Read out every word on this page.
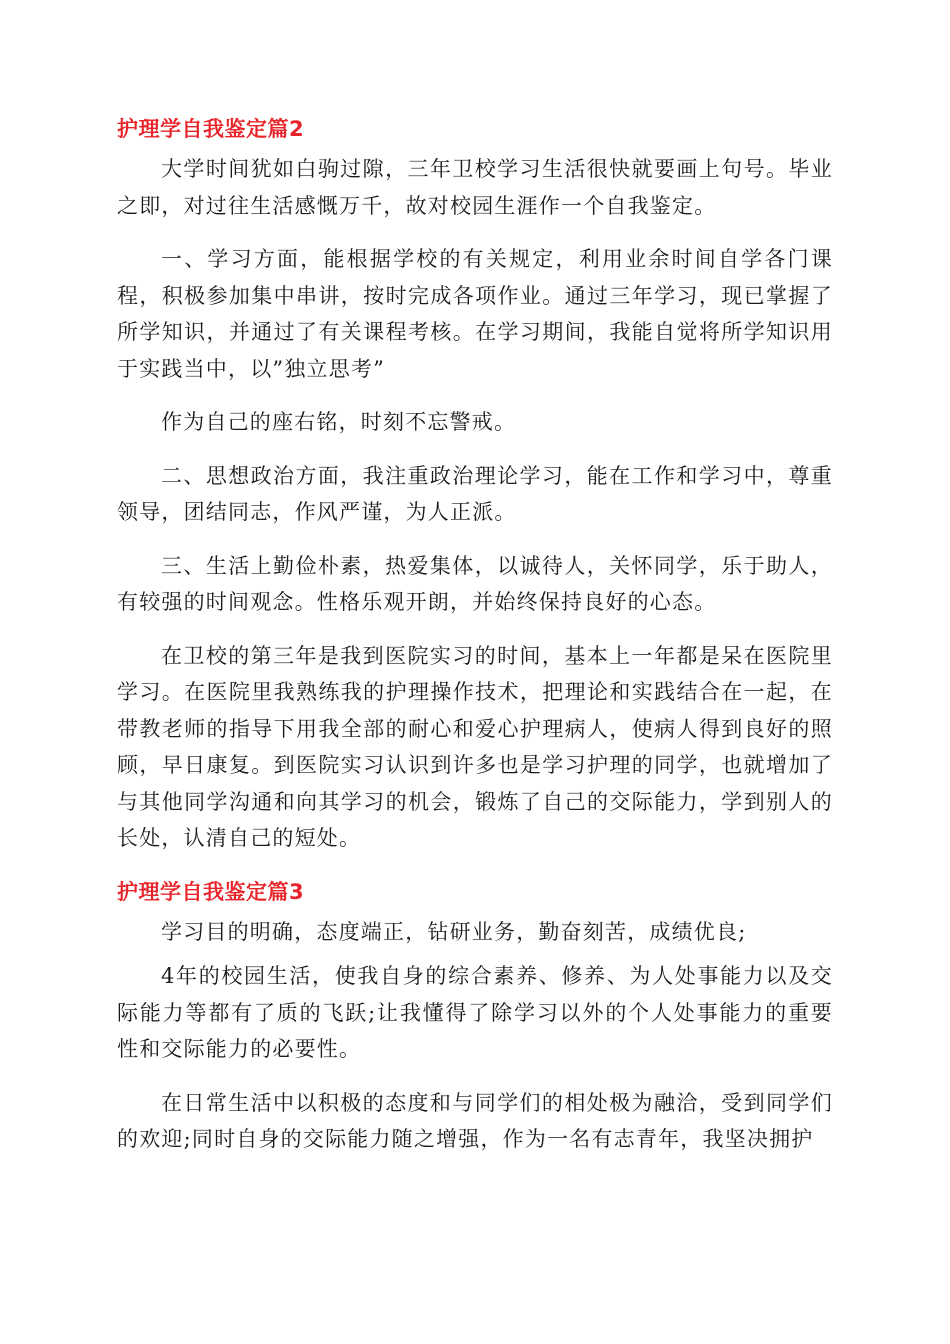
护理学自我鉴定篇2

大学时间犹如白驹过隙，三年卫校学习生活很快就要画上句号。毕业之即，对过往生活感慨万千，故对校园生涯作一个自我鉴定。

一、学习方面，能根据学校的有关规定，利用业余时间自学各门课程，积极参加集中串讲，按时完成各项作业。通过三年学习，现已掌握了所学知识，并通过了有关课程考核。在学习期间，我能自觉将所学知识用于实践当中，以”独立思考”

作为自己的座右铭，时刻不忘警戒。

二、思想政治方面，我注重政治理论学习，能在工作和学习中，尊重领导，团结同志，作风严谨，为人正派。

三、生活上勤俭朴素，热爱集体，以诚待人，关怀同学，乐于助人，有较强的时间观念。性格乐观开朗，并始终保持良好的心态。

在卫校的第三年是我到医院实习的时间，基本上一年都是呆在医院里学习。在医院里我熟练我的护理操作技术，把理论和实践结合在一起，在带教老师的指导下用我全部的耐心和爱心护理病人，使病人得到良好的照顾，早日康复。到医院实习认识到许多也是学习护理的同学，也就增加了与其他同学沟通和向其学习的机会，锻炼了自己的交际能力，学到别人的长处，认清自己的短处。

护理学自我鉴定篇3

学习目的明确，态度端正，钻研业务，勤奋刻苦，成绩优良;

4年的校园生活，使我自身的综合素养、修养、为人处事能力以及交际能力等都有了质的飞跃;让我懂得了除学习以外的个人处事能力的重要性和交际能力的必要性。

在日常生活中以积极的态度和与同学们的相处极为融洽，受到同学们的欢迎;同时自身的交际能力随之增强，作为一名有志青年，我坚决拥护
